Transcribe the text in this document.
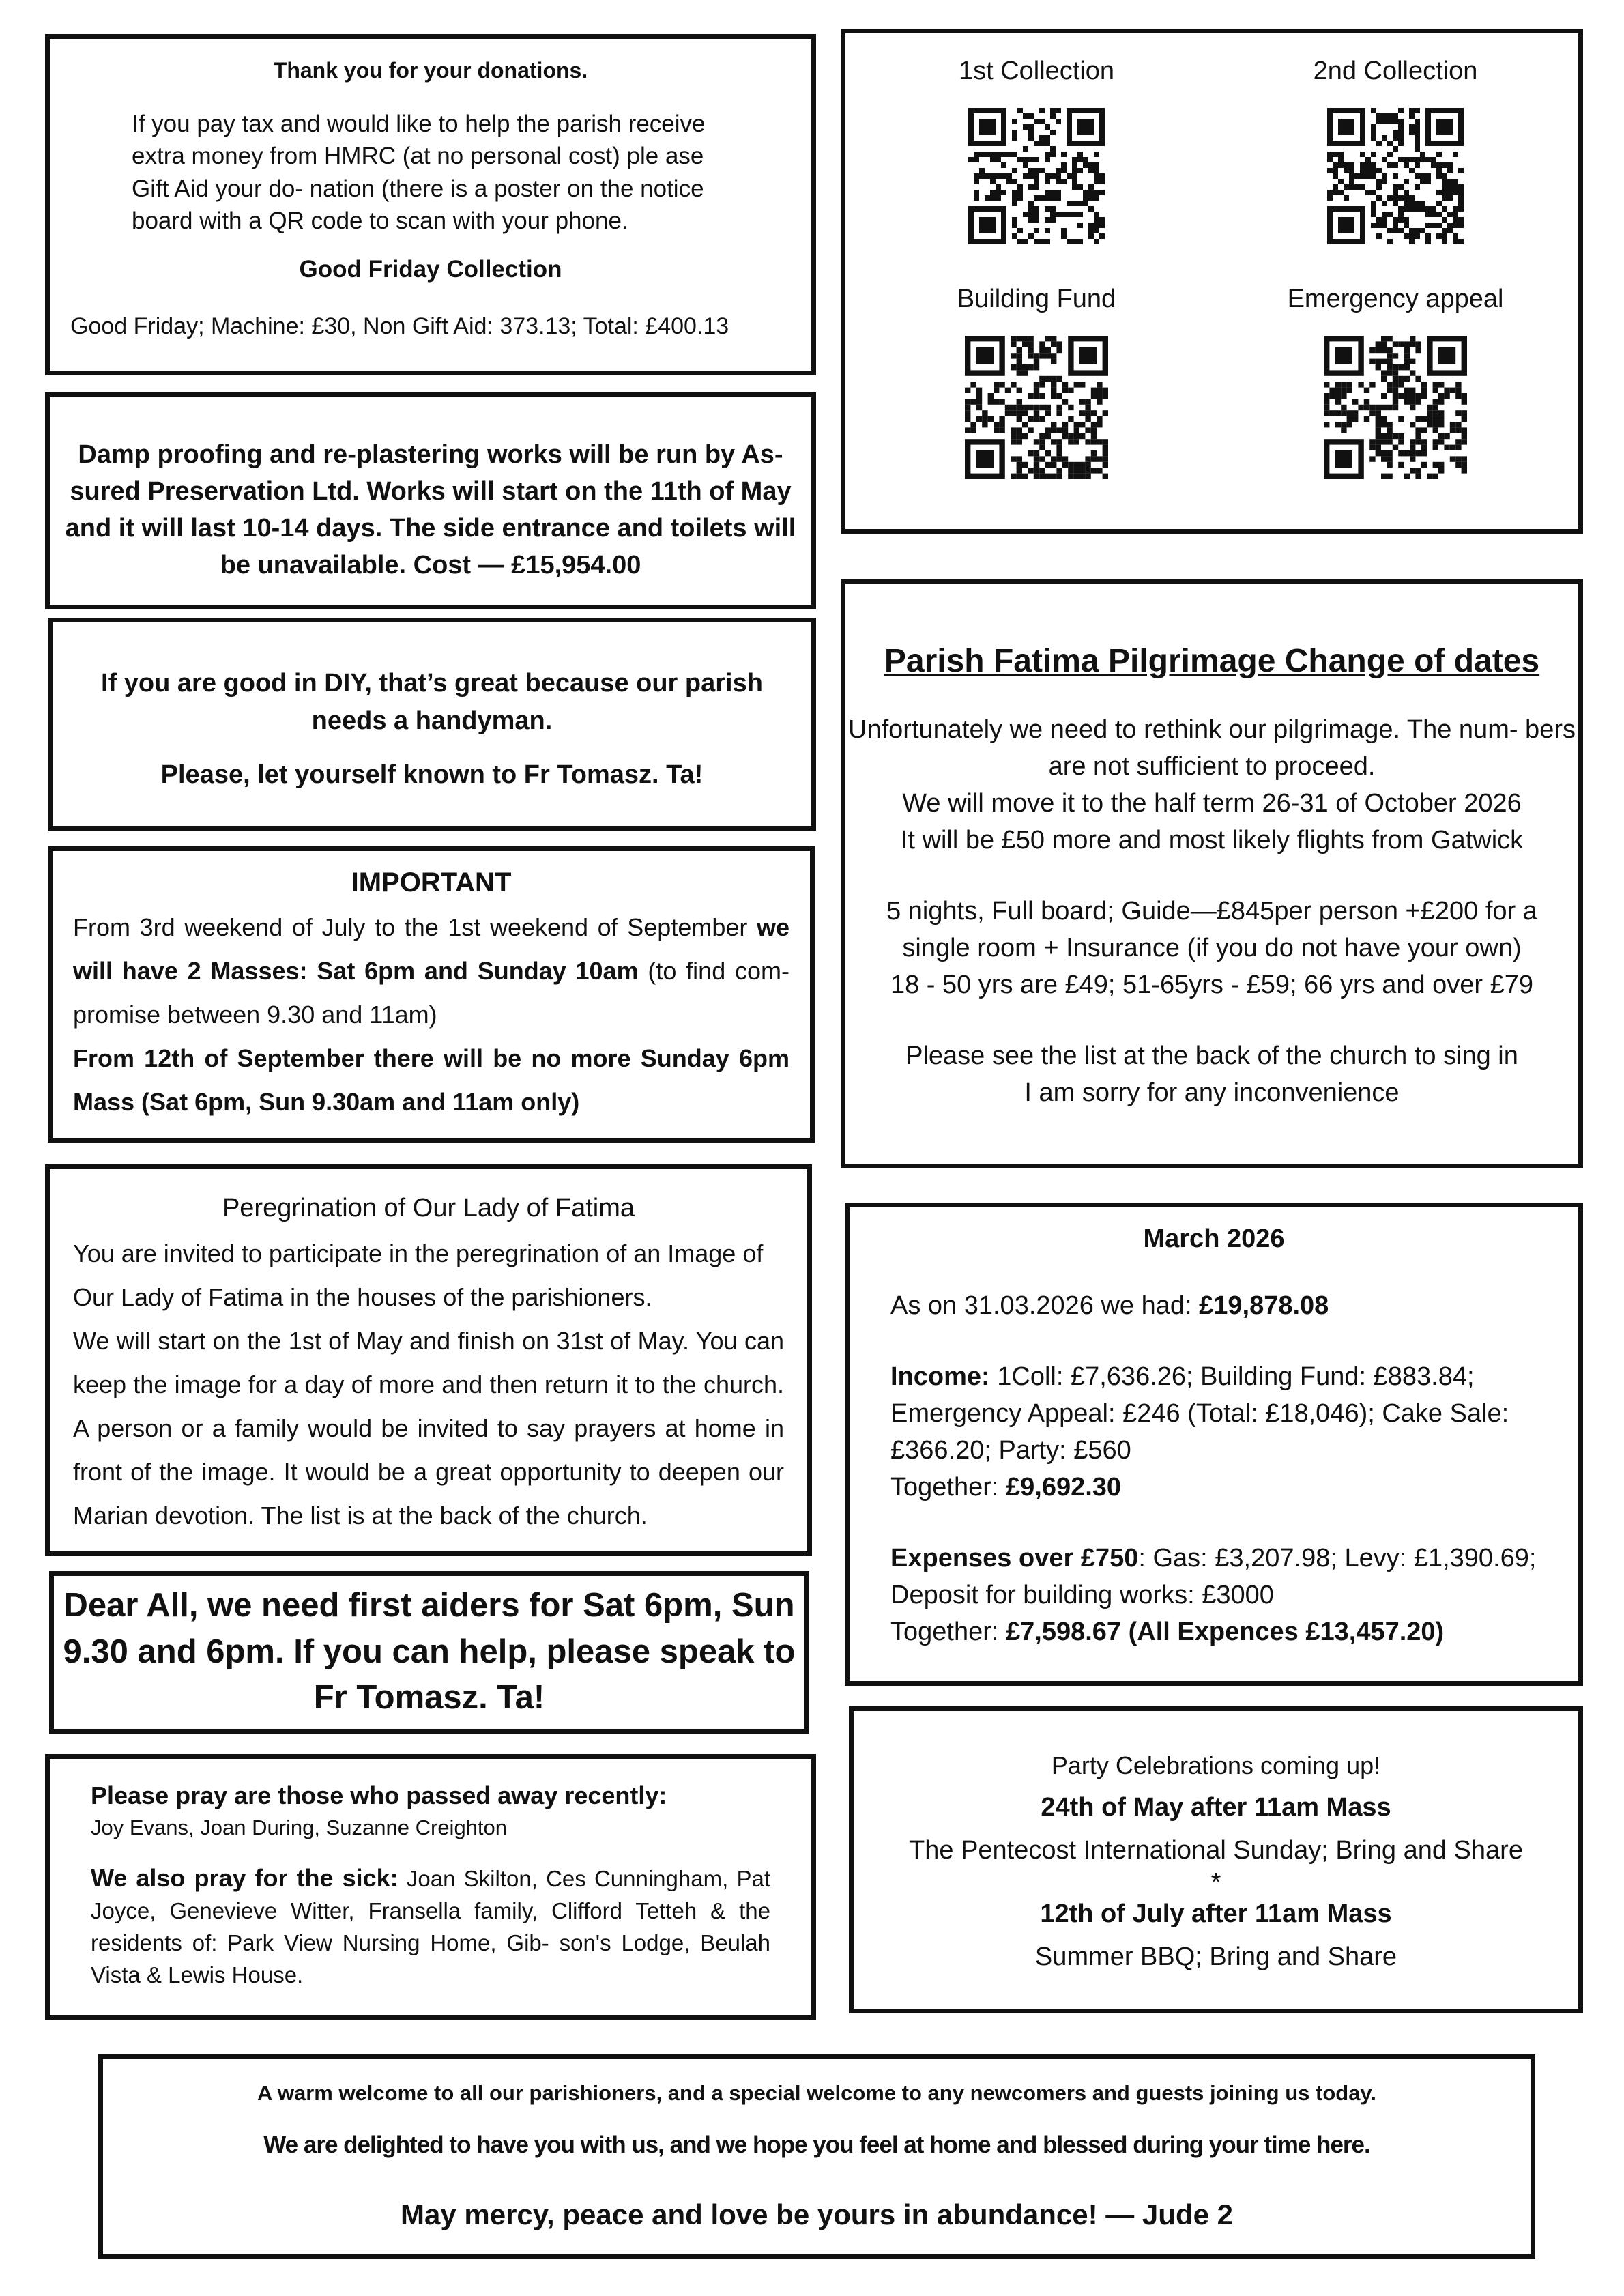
Thank you for your donations.

If you pay tax and would like to help the parish receive extra money from HMRC (at no personal cost) ple ase Gift Aid your do- nation (there is a poster on the notice board with a QR code to scan with your phone.

Good Friday Collection
Good Friday; Machine: £30, Non Gift Aid: 373.13; Total: £400.13
1st Collection	2nd Collection
Building Fund	Emergency appeal

Damp proofing and re-plastering works will be run by As- sured Preservation Ltd. Works will start on the 11th of May and it will last 10-14 days. The side entrance and toilets will be unavailable. Cost — £15,954.00

If you are good in DIY, that’s great because our parish needs a handyman.

Please, let yourself known to Fr Tomasz. Ta!

IMPORTANT

From 3rd weekend of July to the 1st weekend of September we will have 2 Masses: Sat 6pm and Sunday 10am (to find com- promise between 9.30 and 11am)

From 12th of September there will be no more Sunday 6pm Mass (Sat 6pm, Sun 9.30am and 11am only)

Peregrination of Our Lady of Fatima

You are invited to participate in the peregrination of an Image of Our Lady of Fatima in the houses of the parishioners.

We will start on the 1st of May and finish on 31st of May. You can keep the image for a day of more and then return it to the church. A person or a family would be invited to say prayers at home in front of the image. It would be a great opportunity to deepen our Marian devotion. The list is at the back of the church.

Dear All, we need first aiders for Sat 6pm, Sun 9.30 and 6pm. If you can help, please speak to Fr Tomasz. Ta!

Please pray are those who passed away recently:

Joy Evans, Joan During, Suzanne Creighton

We also pray for the sick: Joan Skilton, Ces Cunningham, Pat Joyce, Genevieve Witter, Fransella family, Clifford Tetteh & the residents of: Park View Nursing Home, Gib- son's Lodge, Beulah Vista & Lewis House.

Parish Fatima Pilgrimage Change of dates

Unfortunately we need to rethink our pilgrimage. The num- bers are not sufficient to proceed.

We will move it to the half term 26-31 of October 2026

It will be £50 more and most likely flights from Gatwick

5 nights, Full board; Guide—£845per person +£200 for a single room + Insurance (if you do not have your own)

18 - 50 yrs are £49; 51-65yrs - £59; 66 yrs and over £79

Please see the list at the back of the church to sing in

I am sorry for any inconvenience

March 2026

As on 31.03.2026 we had: £19,878.08

Income: 1Coll: £7,636.26; Building Fund: £883.84; Emergency Appeal: £246 (Total: £18,046); Cake Sale: £366.20; Party: £560

Together: £9,692.30

Expenses over £750: Gas: £3,207.98; Levy: £1,390.69; Deposit for building works: £3000

Together: £7,598.67 (All Expences £13,457.20)

Party Celebrations coming up!

24th of May after 11am Mass

The Pentecost International Sunday; Bring and Share

*

12th of July after 11am Mass

Summer BBQ; Bring and Share

A warm welcome to all our parishioners, and a special welcome to any newcomers and guests joining us today.

We are delighted to have you with us, and we hope you feel at home and blessed during your time here.

May mercy, peace and love be yours in abundance! — Jude 2
